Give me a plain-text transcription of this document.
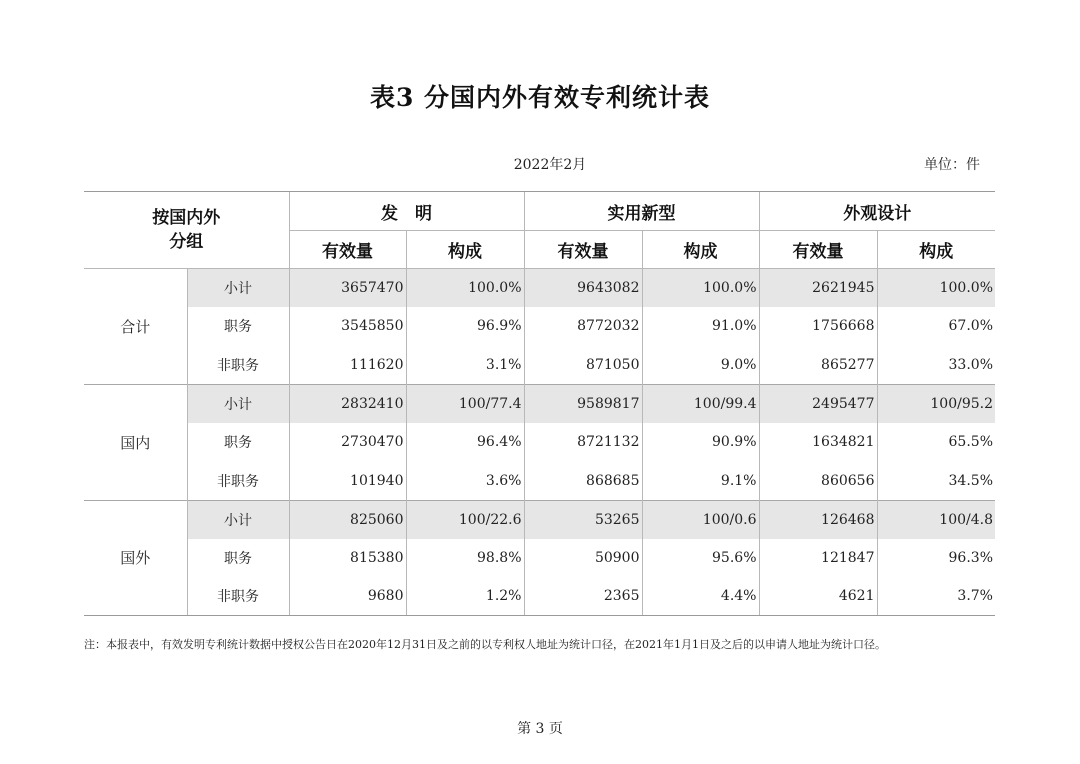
表3 分国内外有效专利统计表
2022年2月	单位：件
按国内外
分组		发　明		实用新型		外观设计	
		有效量	构成	有效量	构成	有效量	构成
合计	小计	3657470	100.0%	9643082	100.0%	2621945	100.0%
	职务	3545850	96.9%	8772032	91.0%	1756668	67.0%
	非职务	111620	3.1%	871050	9.0%	865277	33.0%
国内	小计	2832410	100/77.4	9589817	100/99.4	2495477	100/95.2
	职务	2730470	96.4%	8721132	90.9%	1634821	65.5%
	非职务	101940	3.6%	868685	9.1%	860656	34.5%
国外	小计	825060	100/22.6	53265	100/0.6	126468	100/4.8
	职务	815380	98.8%	50900	95.6%	121847	96.3%
	非职务	9680	1.2%	2365	4.4%	4621	3.7%
注：本报表中，有效发明专利统计数据中授权公告日在2020年12月31日及之前的以专利权人地址为统计口径，在2021年1月1日及之后的以申请人地址为统计口径。
第 3 页
